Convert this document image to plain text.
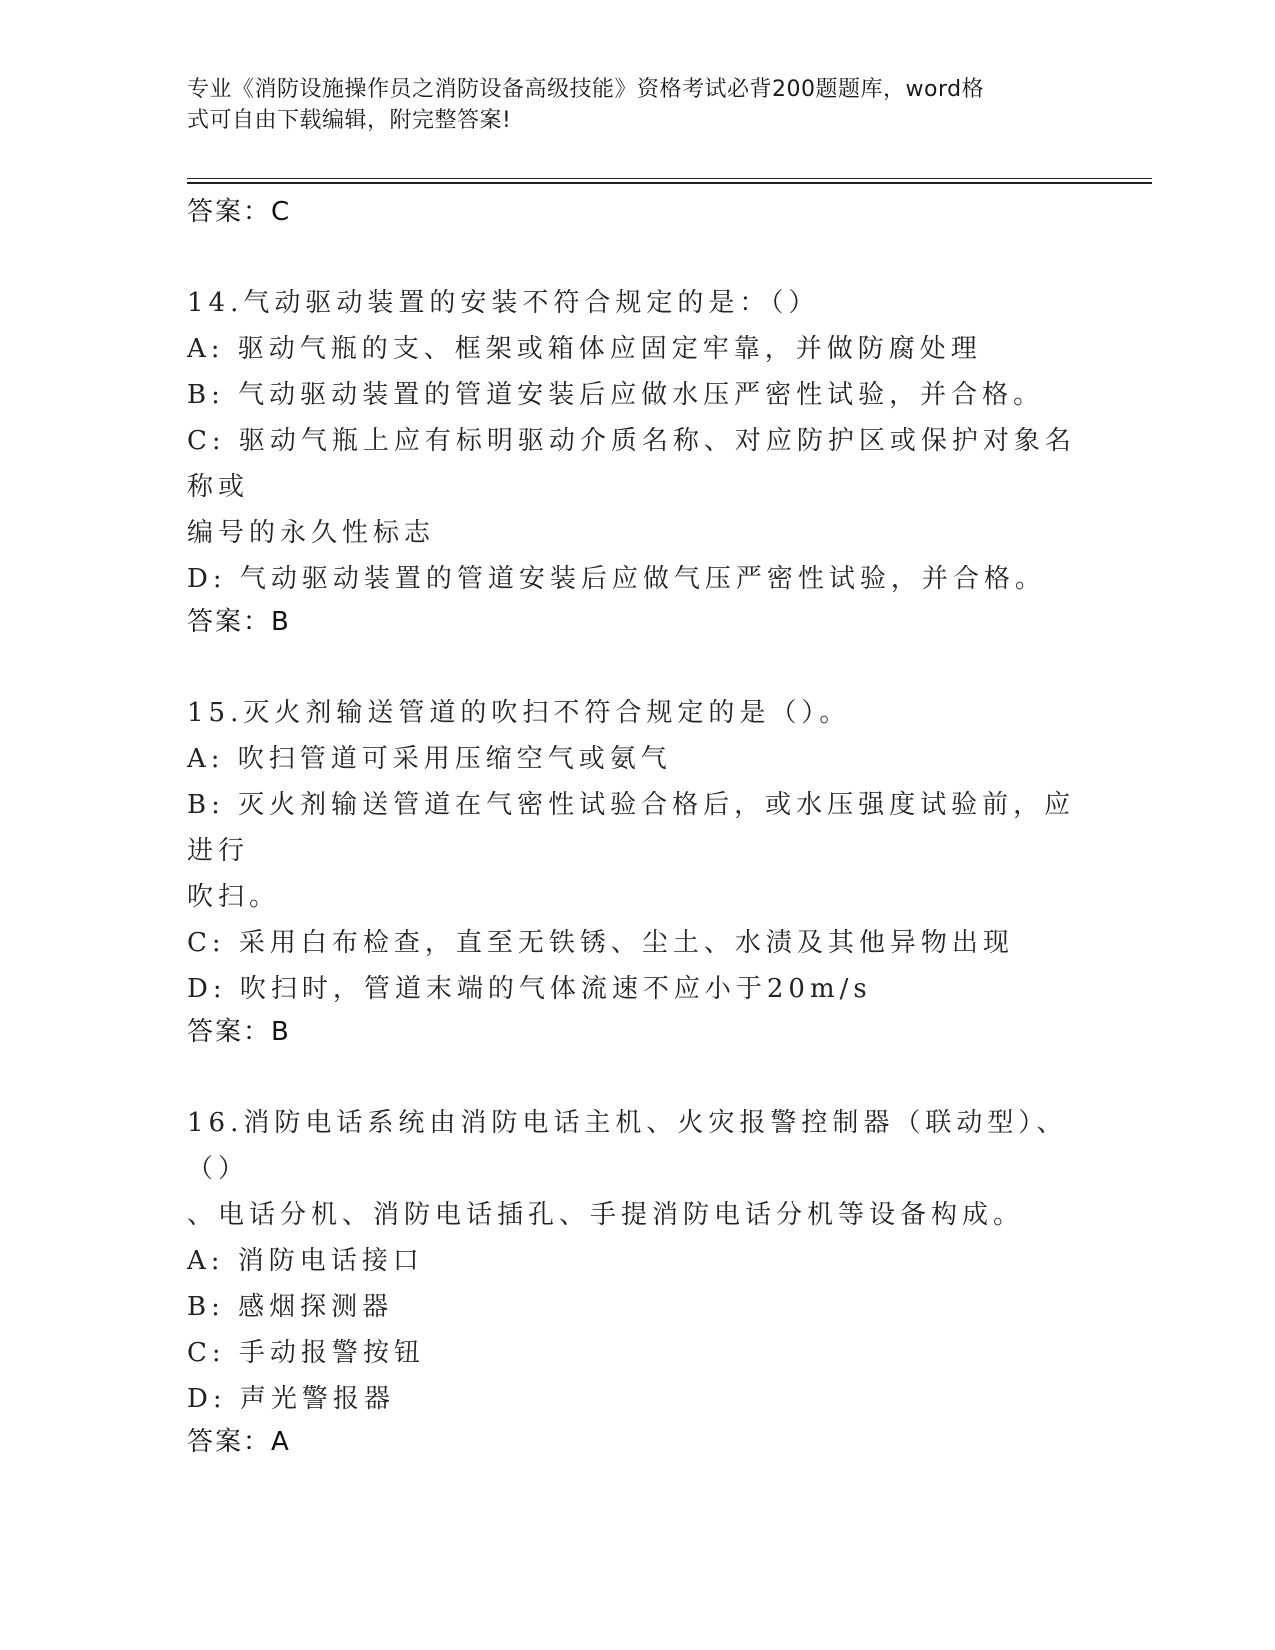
专业《消防设施操作员之消防设备高级技能》资格考试必背200题题库，word格
式可自由下载编辑，附完整答案!

答案：C

14.气动驱动装置的安装不符合规定的是：（）

A: 驱动气瓶的支、框架或箱体应固定牢靠，并做防腐处理

B: 气动驱动装置的管道安装后应做水压严密性试验，并合格。

C: 驱动气瓶上应有标明驱动介质名称、对应防护区或保护对象名称或

编号的永久性标志

D: 气动驱动装置的管道安装后应做气压严密性试验，并合格。

答案：B

15.灭火剂输送管道的吹扫不符合规定的是（）。

A: 吹扫管道可采用压缩空气或氨气

B: 灭火剂输送管道在气密性试验合格后，或水压强度试验前，应进行

吹扫。

C: 采用白布检查，直至无铁锈、尘土、水渍及其他异物出现

D: 吹扫时，管道末端的气体流速不应小于20m/s

答案：B

16.消防电话系统由消防电话主机、火灾报警控制器（联动型）、（）

、电话分机、消防电话插孔、手提消防电话分机等设备构成。

A: 消防电话接口

B: 感烟探测器

C: 手动报警按钮

D: 声光警报器

答案：A
